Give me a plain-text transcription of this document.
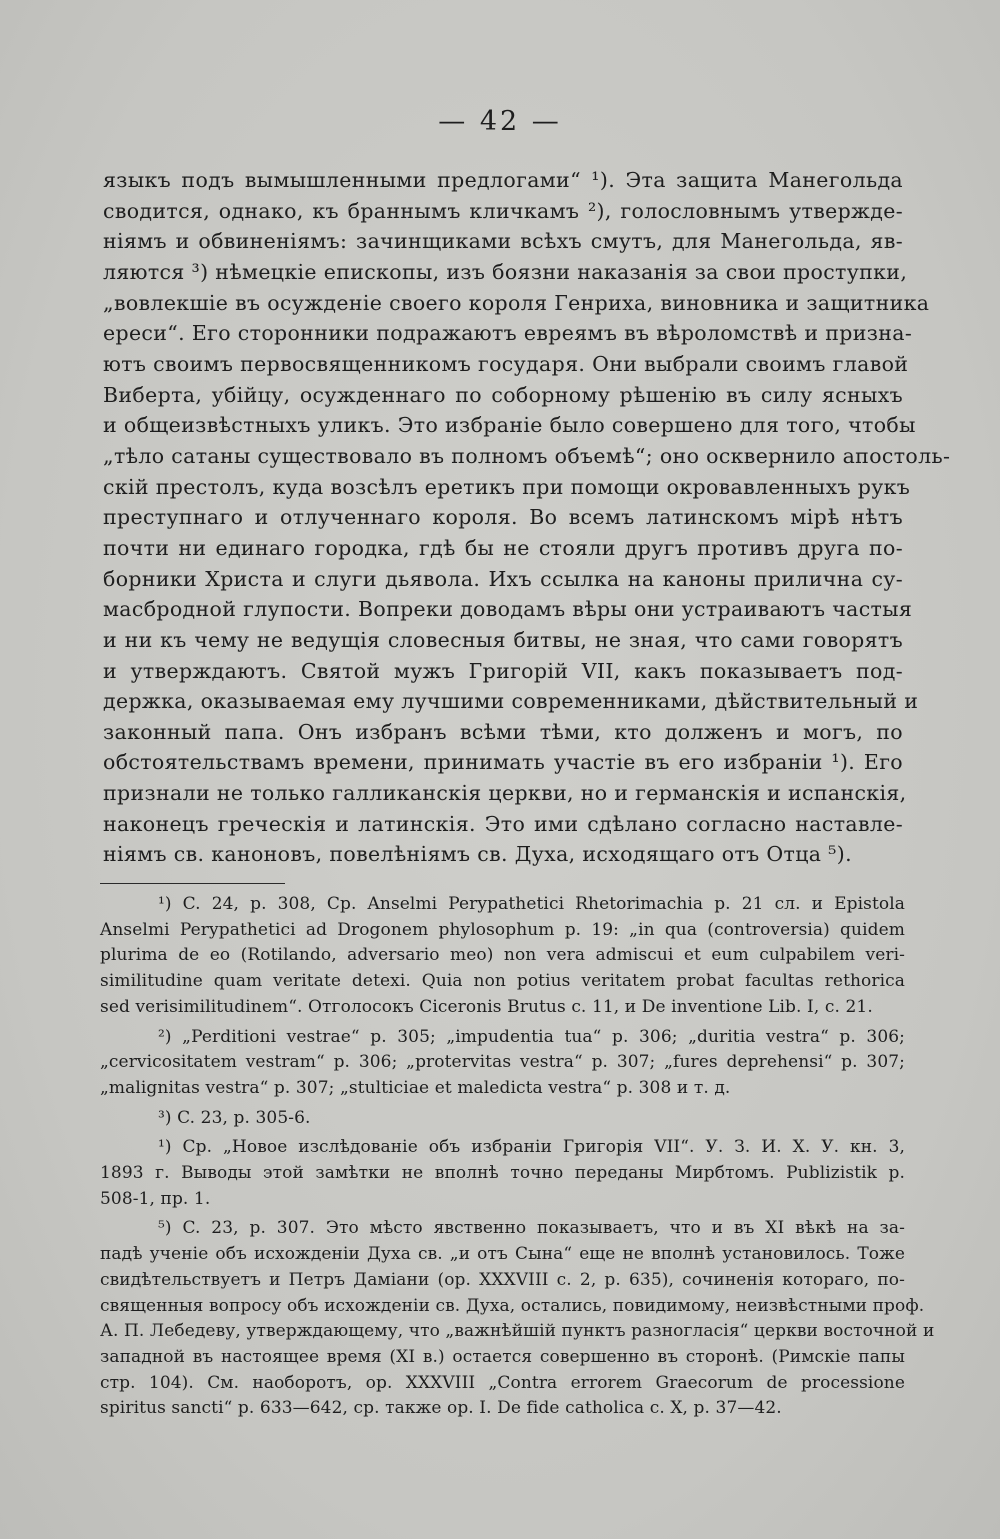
— 42 —
языкъ подъ вымышленными предлогами“ ¹). Эта защита Манегольда
сводится, однако, къ браннымъ кличкамъ ²), голословнымъ утвержде-
ніямъ и обвиненіямъ: зачинщиками всѣхъ смутъ, для Манегольда, яв-
ляются ³) нѣмецкіе епископы, изъ боязни наказанія за свои проступки,
„вовлекшіе въ осужденіе своего короля Генриха, виновника и защитника
ереси“. Его сторонники подражаютъ евреямъ въ вѣроломствѣ и призна-
ютъ своимъ первосвященникомъ государя. Они выбрали своимъ главой
Виберта, убійцу, осужденнаго по соборному рѣшенію въ силу ясныхъ
и общеизвѣстныхъ уликъ. Это избраніе было совершено для того, чтобы
„тѣло сатаны существовало въ полномъ объемѣ“; оно осквернило апостоль-
скій престолъ, куда возсѣлъ еретикъ при помощи окровавленныхъ рукъ
преступнаго и отлученнаго короля. Во всемъ латинскомъ мірѣ нѣтъ
почти ни единаго городка, гдѣ бы не стояли другъ противъ друга по-
борники Христа и слуги дьявола. Ихъ ссылка на каноны прилична су-
масбродной глупости. Вопреки доводамъ вѣры они устраиваютъ частыя
и ни къ чему не ведущія словесныя битвы, не зная, что сами говорятъ
и утверждаютъ. Святой мужъ Григорій VII, какъ показываетъ под-
держка, оказываемая ему лучшими современниками, дѣйствительный и
законный папа. Онъ избранъ всѣми тѣми, кто долженъ и могъ, по
обстоятельствамъ времени, принимать участіе въ его избраніи ¹). Его
признали не только галликанскія церкви, но и германскія и испанскія,
наконецъ греческія и латинскія. Это ими сдѣлано согласно наставле-
ніямъ св. каноновъ, повелѣніямъ св. Духа, исходящаго отъ Отца ⁵).
¹) C. 24, p. 308, Cp. Anselmi Perypathetici Rhetorimachia p. 21 сл. и Epistola
Anselmi Perypathetici ad Drogonem phylosophum p. 19: „in qua (controversia) quidem
plurima de eo (Rotilando, adversario meo) non vera admiscui et eum culpabilem veri-
similitudine quam veritate detexi. Quia non potius veritatem probat facultas rethorica
sed verisimilitudinem“. Отголосокъ Ciceronis Brutus c. 11, и De inventione Lib. I, c. 21.
²) „Perditioni vestrae“ p. 305; „impudentia tua“ p. 306; „duritia vestra“ p. 306;
„cervicositatem vestram“ p. 306; „protervitas vestra“ p. 307; „fures deprehensi“ p. 307;
„malignitas vestra“ p. 307; „stulticiae et maledicta vestra“ p. 308 и т. д.
³) C. 23, p. 305-6.
¹) Cp. „Новое изслѣдованіе объ избраніи Григорія VII“. У. З. И. Х. У. кн. 3,
1893 г. Выводы этой замѣтки не вполнѣ точно переданы Мирбтомъ. Publizistik p.
508-1, пр. 1.
⁵) C. 23, p. 307. Это мѣсто явственно показываетъ, что и въ XI вѣкѣ на за-
падѣ ученіе объ исхожденіи Духа св. „и отъ Сына“ еще не вполнѣ установилось. Тоже
свидѣтельствуетъ и Петръ Даміани (op. XXXVIII c. 2, p. 635), сочиненія котораго, по-
священныя вопросу объ исхожденіи св. Духа, остались, повидимому, неизвѣстными проф.
А. П. Лебедеву, утверждающему, что „важнѣйшій пунктъ разногласія“ церкви восточной и
западной въ настоящее время (XI в.) остается совершенно въ сторонѣ. (Римскіе папы
стр. 104). См. наоборотъ, op. XXXVIII „Contra errorem Graecorum de processione
spiritus sancti“ p. 633—642, cp. также op. I. De fide catholica c. X, p. 37—42.
